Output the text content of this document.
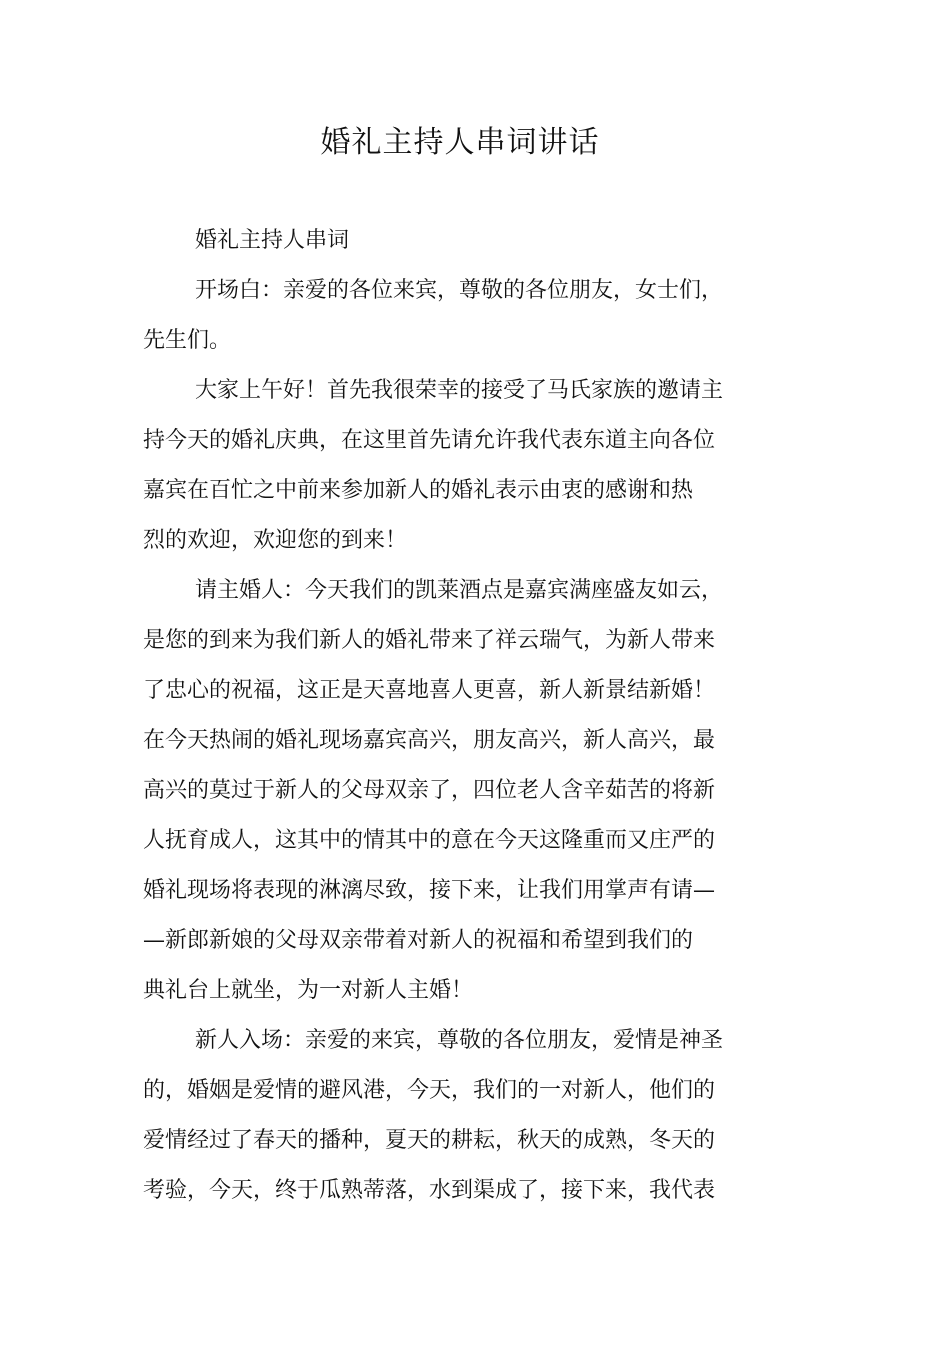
婚礼主持人串词讲话
婚礼主持人串词
开场白：亲爱的各位来宾，尊敬的各位朋友，女士们，
先生们。
大家上午好！首先我很荣幸的接受了马氏家族的邀请主
持今天的婚礼庆典，在这里首先请允许我代表东道主向各位
嘉宾在百忙之中前来参加新人的婚礼表示由衷的感谢和热
烈的欢迎，欢迎您的到来！
请主婚人：今天我们的凯莱酒点是嘉宾满座盛友如云，
是您的到来为我们新人的婚礼带来了祥云瑞气，为新人带来
了忠心的祝福，这正是天喜地喜人更喜，新人新景结新婚！
在今天热闹的婚礼现场嘉宾高兴，朋友高兴，新人高兴，最
高兴的莫过于新人的父母双亲了，四位老人含辛茹苦的将新
人抚育成人，这其中的情其中的意在今天这隆重而又庄严的
婚礼现场将表现的淋漓尽致，接下来，让我们用掌声有请—
—新郎新娘的父母双亲带着对新人的祝福和希望到我们的
典礼台上就坐，为一对新人主婚！
新人入场：亲爱的来宾，尊敬的各位朋友，爱情是神圣
的，婚姻是爱情的避风港，今天，我们的一对新人，他们的
爱情经过了春天的播种，夏天的耕耘，秋天的成熟，冬天的
考验，今天，终于瓜熟蒂落，水到渠成了，接下来，我代表
